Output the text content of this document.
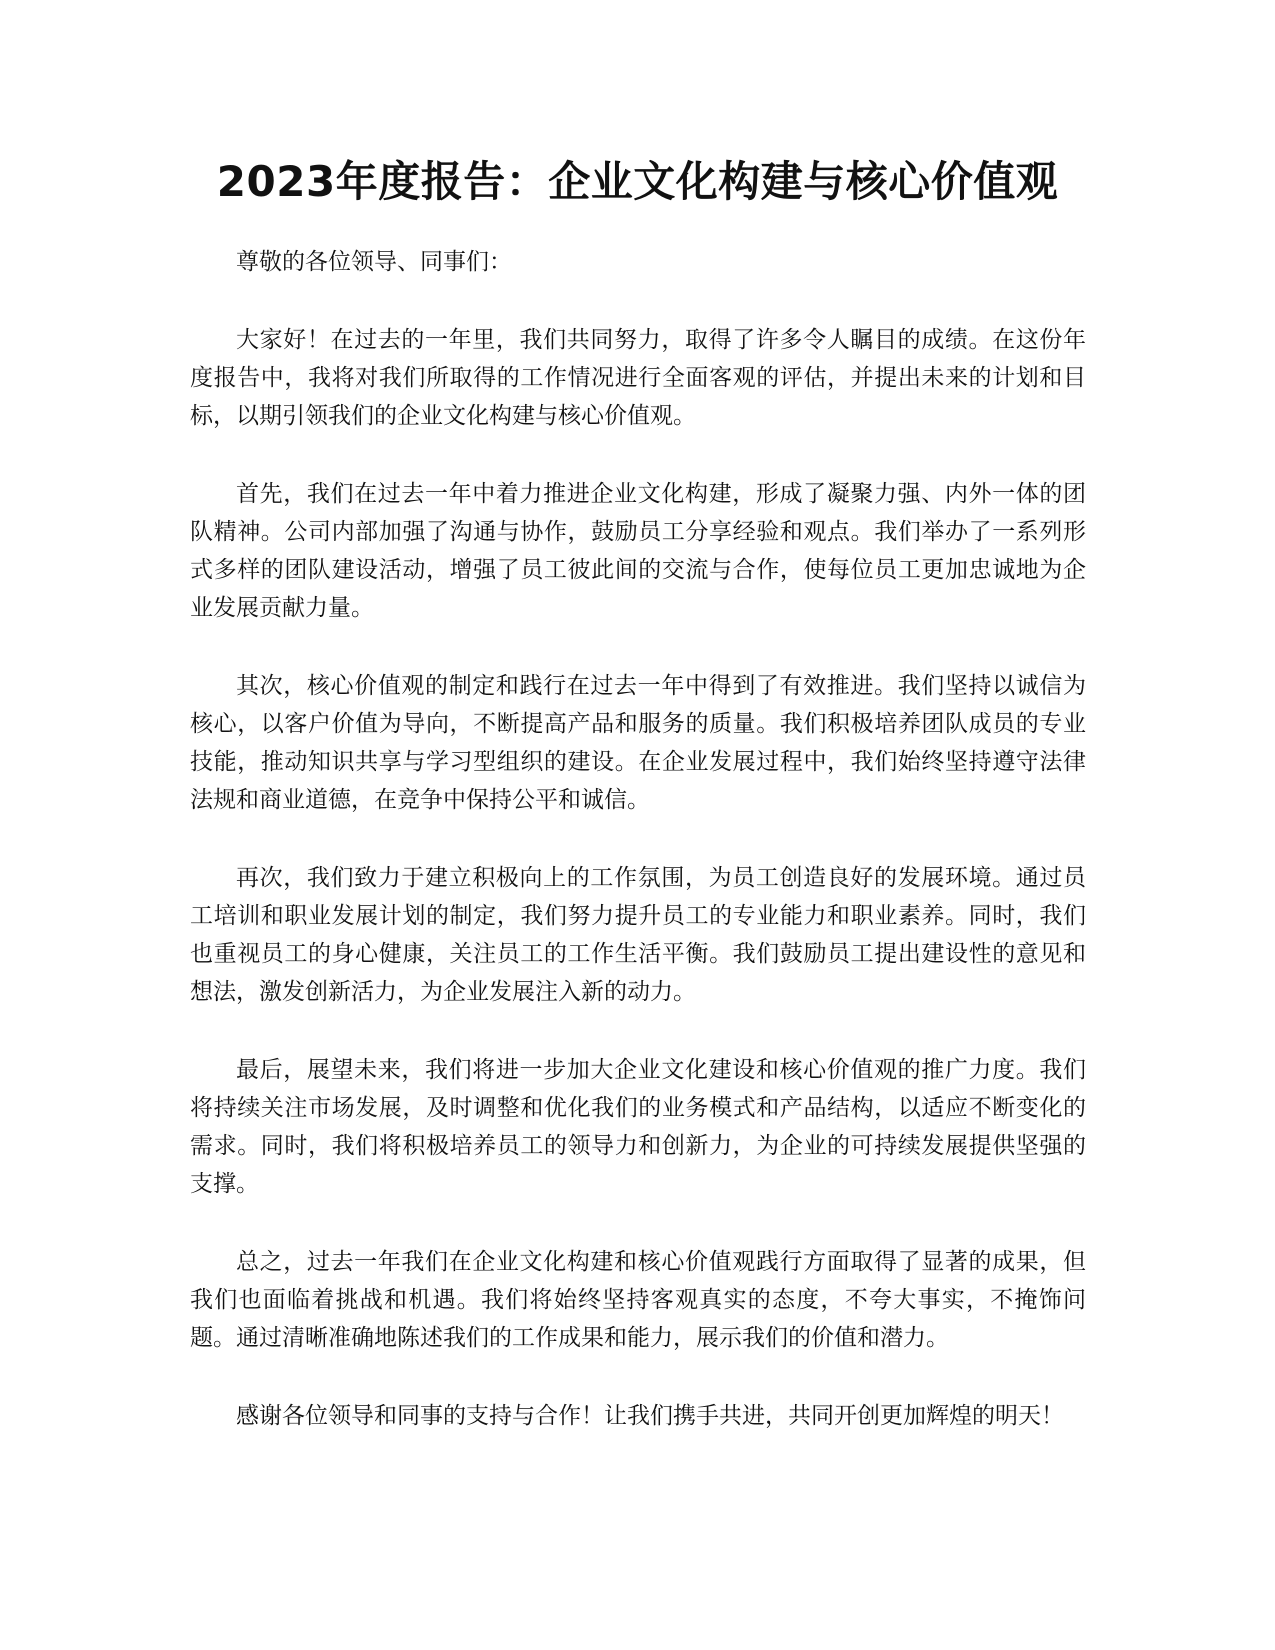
2023年度报告：企业文化构建与核心价值观

尊敬的各位领导、同事们：

大家好！在过去的一年里，我们共同努力，取得了许多令人瞩目的成绩。在这份年度报告中，我将对我们所取得的工作情况进行全面客观的评估，并提出未来的计划和目标，以期引领我们的企业文化构建与核心价值观。

首先，我们在过去一年中着力推进企业文化构建，形成了凝聚力强、内外一体的团队精神。公司内部加强了沟通与协作，鼓励员工分享经验和观点。我们举办了一系列形式多样的团队建设活动，增强了员工彼此间的交流与合作，使每位员工更加忠诚地为企业发展贡献力量。

其次，核心价值观的制定和践行在过去一年中得到了有效推进。我们坚持以诚信为核心，以客户价值为导向，不断提高产品和服务的质量。我们积极培养团队成员的专业技能，推动知识共享与学习型组织的建设。在企业发展过程中，我们始终坚持遵守法律法规和商业道德，在竞争中保持公平和诚信。

再次，我们致力于建立积极向上的工作氛围，为员工创造良好的发展环境。通过员工培训和职业发展计划的制定，我们努力提升员工的专业能力和职业素养。同时，我们也重视员工的身心健康，关注员工的工作生活平衡。我们鼓励员工提出建设性的意见和想法，激发创新活力，为企业发展注入新的动力。

最后，展望未来，我们将进一步加大企业文化建设和核心价值观的推广力度。我们将持续关注市场发展，及时调整和优化我们的业务模式和产品结构，以适应不断变化的需求。同时，我们将积极培养员工的领导力和创新力，为企业的可持续发展提供坚强的支撑。

总之，过去一年我们在企业文化构建和核心价值观践行方面取得了显著的成果，但我们也面临着挑战和机遇。我们将始终坚持客观真实的态度，不夸大事实，不掩饰问题。通过清晰准确地陈述我们的工作成果和能力，展示我们的价值和潜力。

感谢各位领导和同事的支持与合作！让我们携手共进，共同开创更加辉煌的明天！
